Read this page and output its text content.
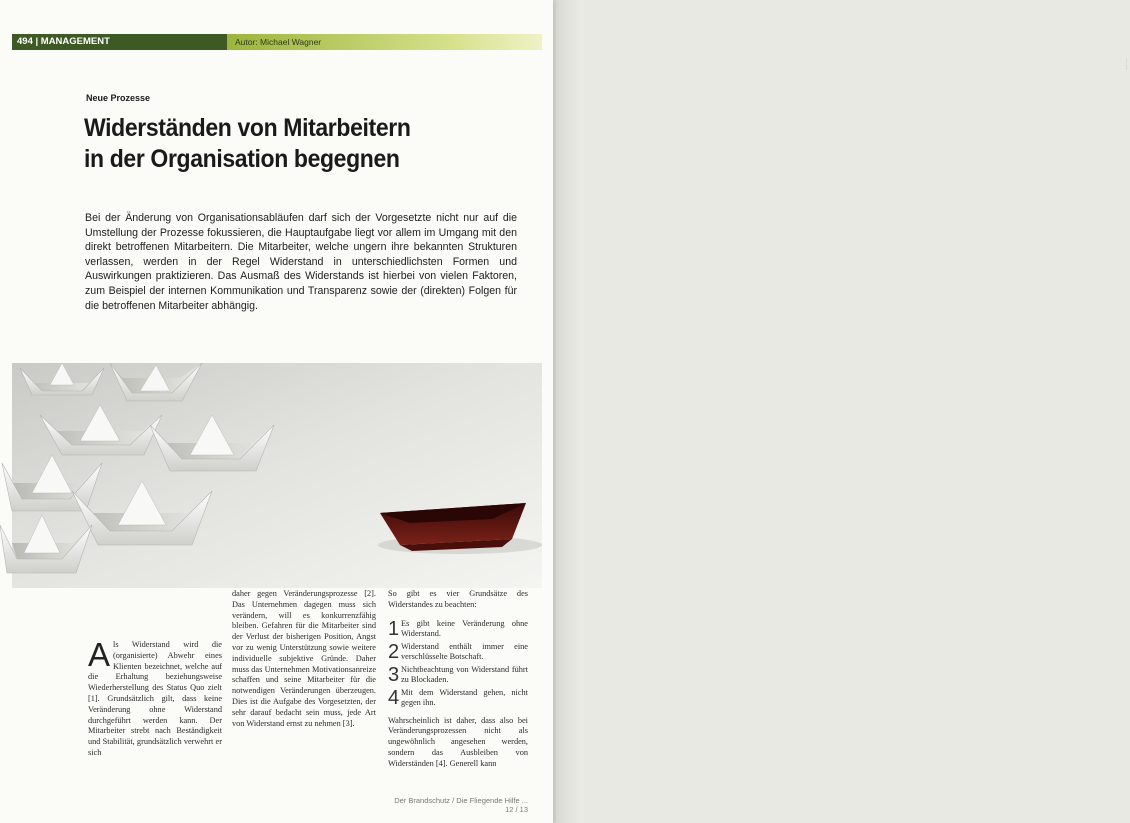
... ...
494 | MANAGEMENT	Autor: Michael Wagner
Neue Prozesse
Widerständen von Mitarbeitern
in der Organisation begegnen
Bei der Änderung von Organisationsabläufen darf sich der Vorgesetzte nicht nur auf die Umstellung der Prozesse fokussieren, die Hauptaufgabe liegt vor allem im Umgang mit den direkt betroffenen Mitarbeitern. Die Mitarbeiter, welche ungern ihre bekannten Strukturen verlassen, werden in der Regel Widerstand in unterschiedlichsten Formen und Auswirkungen praktizieren. Das Ausmaß des Widerstands ist hierbei von vielen Faktoren, zum Beispiel der internen Kommunikation und Transparenz sowie der (direkten) Folgen für die betroffenen Mitarbeiter abhängig.
Als Widerstand wird die (organisierte) Abwehr eines Klienten bezeichnet, welche auf die Erhaltung beziehungsweise Wiederherstellung des Status Quo zielt [1]. Grundsätzlich gilt, dass keine Veränderung ohne Widerstand durchgeführt werden kann. Der Mitarbeiter strebt nach Beständigkeit und Stabilität, grundsätzlich verwehrt er sich
daher gegen Veränderungsprozesse [2]. Das Unternehmen dagegen muss sich verändern, will es konkurrenzfähig bleiben. Gefahren für die Mitarbeiter sind der Verlust der bisherigen Position, Angst vor zu wenig Unterstützung sowie weitere individuelle subjektive Gründe. Daher muss das Unternehmen Motivationsanreize schaffen und seine Mitarbeiter für die notwendigen Veränderungen überzeugen. Dies ist die Aufgabe des Vorgesetzten, der sehr darauf bedacht sein muss, jede Art von Widerstand ernst zu nehmen [3].
So gibt es vier Grundsätze des Widerstandes zu beachten:
1 Es gibt keine Veränderung ohne Widerstand.
2 Widerstand enthält immer eine verschlüsselte Botschaft.
3 Nichtbeachtung von Widerstand führt zu Blockaden.
4 Mit dem Widerstand gehen, nicht gegen ihn.
Wahrscheinlich ist daher, dass also bei Veränderungsprozessen nicht als ungewöhnlich angesehen werden, sondern das Ausbleiben von Widerständen [4]. Generell kann
Der Brandschutz / Die Fliegende Hilfe ... 12 / 13
